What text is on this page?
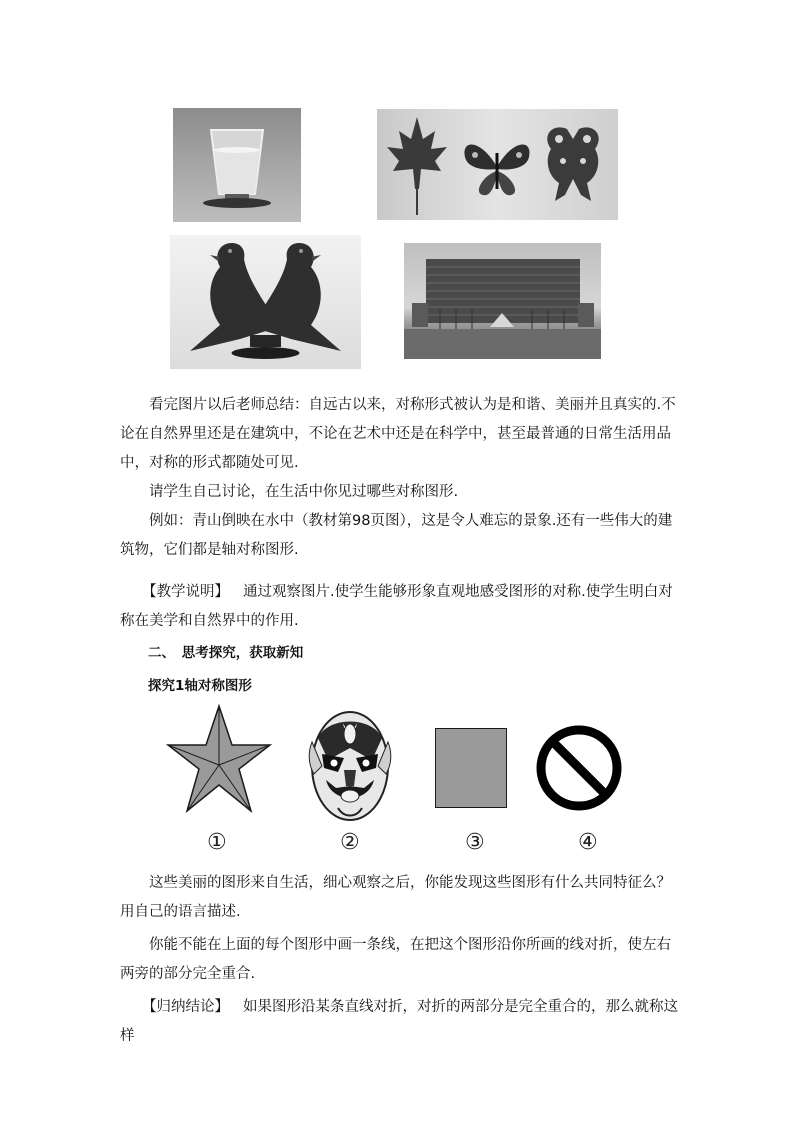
看完图片以后老师总结：自远古以来，对称形式被认为是和谐、美丽并且真实的.不论在自然界里还是在建筑中，不论在艺术中还是在科学中，甚至最普通的日常生活用品中，对称的形式都随处可见.

请学生自己讨论，在生活中你见过哪些对称图形.

例如：青山倒映在水中（教材第98页图），这是令人难忘的景象.还有一些伟大的建筑物，它们都是轴对称图形.

【教学说明】 通过观察图片.使学生能够形象直观地感受图形的对称.使学生明白对称在美学和自然界中的作用.

二、　思考探究，获取新知
探究1轴对称图形
①	②	③	④

这些美丽的图形来自生活，细心观察之后，你能发现这些图形有什么共同特征么？用自己的语言描述.

你能不能在上面的每个图形中画一条线，在把这个图形沿你所画的线对折，使左右两旁的部分完全重合.

【归纳结论】 如果图形沿某条直线对折，对折的两部分是完全重合的，那么就称这样
